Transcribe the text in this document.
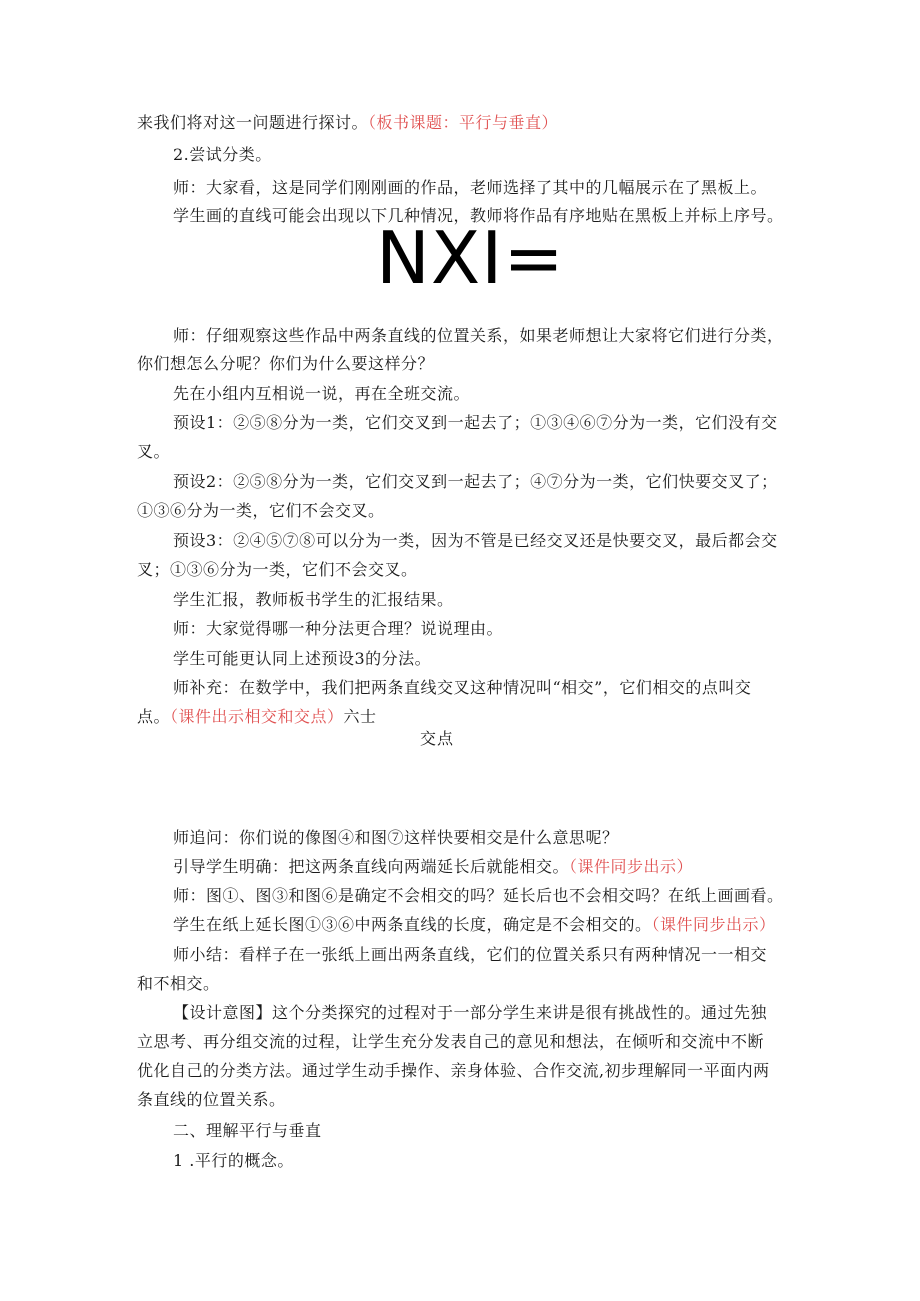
来我们将对这一问题进行探讨。（板书课题：平行与垂直）
2.尝试分类。
师：大家看，这是同学们刚刚画的作品，老师选择了其中的几幅展示在了黑板上。
学生画的直线可能会出现以下几种情况，教师将作品有序地贴在黑板上并标上序号。
NXI=
师：仔细观察这些作品中两条直线的位置关系，如果老师想让大家将它们进行分类，
你们想怎么分呢？你们为什么要这样分？
先在小组内互相说一说，再在全班交流。
预设1：②⑤⑧分为一类，它们交叉到一起去了；①③④⑥⑦分为一类，它们没有交
叉。
预设2：②⑤⑧分为一类，它们交叉到一起去了；④⑦分为一类，它们快要交叉了；
①③⑥分为一类，它们不会交叉。
预设3：②④⑤⑦⑧可以分为一类，因为不管是已经交叉还是快要交叉，最后都会交
叉；①③⑥分为一类，它们不会交叉。
学生汇报，教师板书学生的汇报结果。
师：大家觉得哪一种分法更合理？说说理由。
学生可能更认同上述预设3的分法。
师补充：在数学中，我们把两条直线交叉这种情况叫“相交”，它们相交的点叫交
点。（课件出示相交和交点）六士
交点
师追问：你们说的像图④和图⑦这样快要相交是什么意思呢？
引导学生明确：把这两条直线向两端延长后就能相交。（课件同步出示）
师：图①、图③和图⑥是确定不会相交的吗？延长后也不会相交吗？在纸上画画看。
学生在纸上延长图①③⑥中两条直线的长度，确定是不会相交的。（课件同步出示）
师小结：看样子在一张纸上画出两条直线，它们的位置关系只有两种情况一一相交
和不相交。
【设计意图】这个分类探究的过程对于一部分学生来讲是很有挑战性的。通过先独
立思考、再分组交流的过程，让学生充分发表自己的意见和想法，在倾听和交流中不断
优化自己的分类方法。通过学生动手操作、亲身体验、合作交流,初步理解同一平面内两
条直线的位置关系。
二、理解平行与垂直
1 .平行的概念。
